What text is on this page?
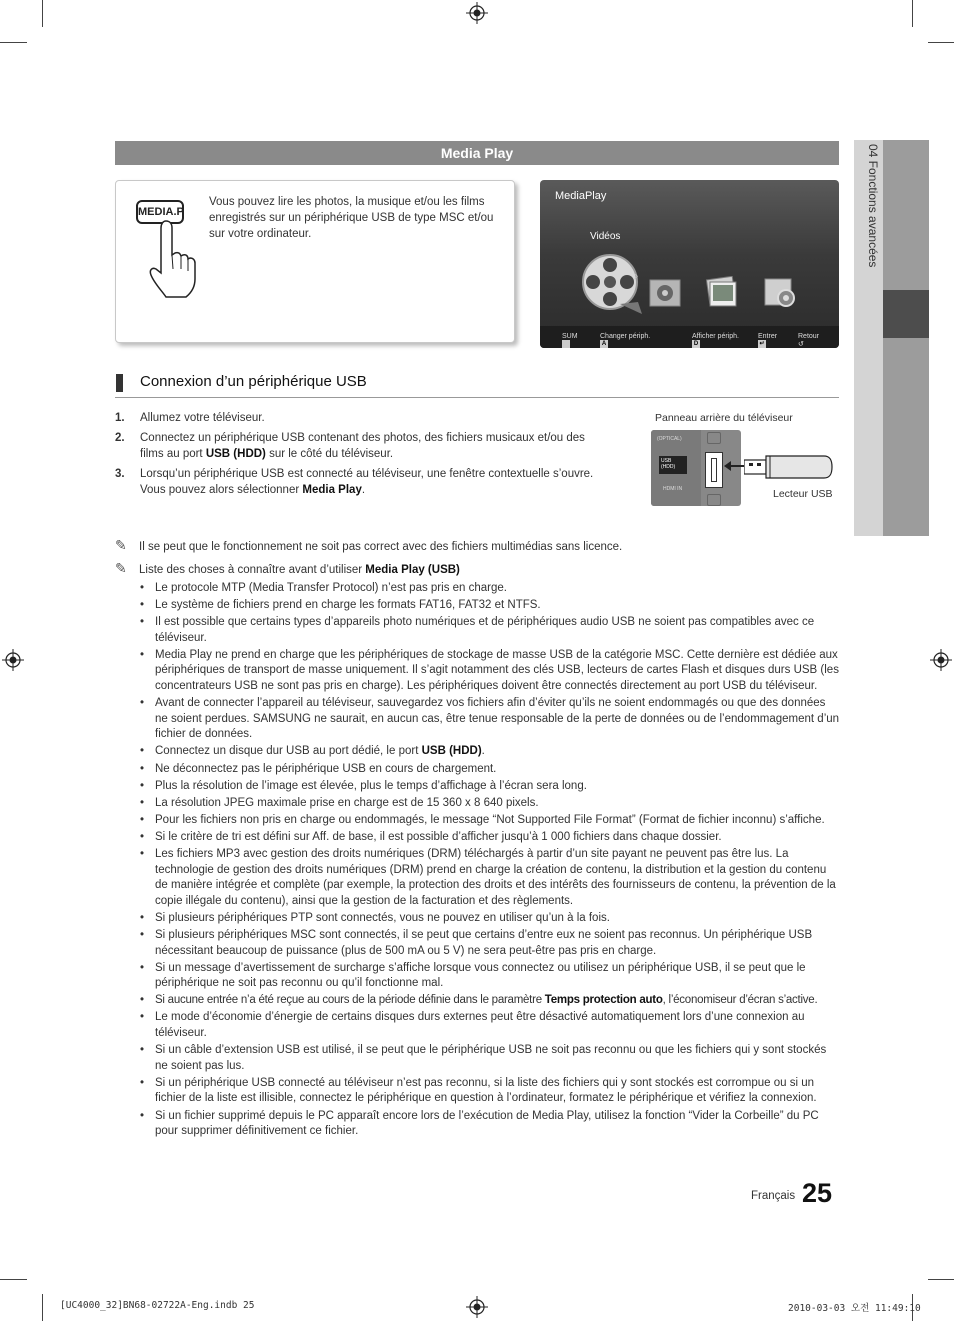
04 Fonctions avancées
Media Play
MEDIA.P
Vous pouvez lire les photos, la musique et/ou les films enregistrés sur un périphérique USB de type MSC et/ou sur votre ordinateur.
MediaPlay
Vidéos
›
SUM
A
Changer périph.
D
Afficher périph.
↵
Entrer
↺
Retour
Connexion d’un périphérique USB
1. Allumez votre téléviseur.
2. Connectez un périphérique USB contenant des photos, des fichiers musicaux et/ou des films au port USB (HDD) sur le côté du téléviseur.
3. Lorsqu’un périphérique USB est connecté au téléviseur, une fenêtre contextuelle s’ouvre. Vous pouvez alors sélectionner Media Play.
Panneau arrière du téléviseur
Lecteur USB
(OPTICAL)
USB
(HDD)
HDMI IN
✎ Il se peut que le fonctionnement ne soit pas correct avec des fichiers multimédias sans licence.
✎ Liste des choses à connaître avant d’utiliser Media Play (USB)
• Le protocole MTP (Media Transfer Protocol) n’est pas pris en charge.
• Le système de fichiers prend en charge les formats FAT16, FAT32 et NTFS.
• Il est possible que certains types d’appareils photo numériques et de périphériques audio USB ne soient pas compatibles avec ce téléviseur.
• Media Play ne prend en charge que les périphériques de stockage de masse USB de la catégorie MSC. Cette dernière est dédiée aux périphériques de transport de masse uniquement. Il s’agit notamment des clés USB, lecteurs de cartes Flash et disques durs USB (les concentrateurs USB ne sont pas pris en charge). Les périphériques doivent être connectés directement au port USB du téléviseur.
• Avant de connecter l’appareil au téléviseur, sauvegardez vos fichiers afin d’éviter qu’ils ne soient endommagés ou que des données ne soient perdues. SAMSUNG ne saurait, en aucun cas, être tenue responsable de la perte de données ou de l’endommagement d’un fichier de données.
• Connectez un disque dur USB au port dédié, le port USB (HDD).
• Ne déconnectez pas le périphérique USB en cours de chargement.
• Plus la résolution de l’image est élevée, plus le temps d’affichage à l’écran sera long.
• La résolution JPEG maximale prise en charge est de 15 360 x 8 640 pixels.
• Pour les fichiers non pris en charge ou endommagés, le message “Not Supported File Format” (Format de fichier inconnu) s’affiche.
• Si le critère de tri est défini sur Aff. de base, il est possible d’afficher jusqu’à 1 000 fichiers dans chaque dossier.
• Les fichiers MP3 avec gestion des droits numériques (DRM) téléchargés à partir d’un site payant ne peuvent pas être lus. La technologie de gestion des droits numériques (DRM) prend en charge la création de contenu, la distribution et la gestion du contenu de manière intégrée et complète (par exemple, la protection des droits et des intérêts des fournisseurs de contenu, la prévention de la copie illégale du contenu), ainsi que la gestion de la facturation et des règlements.
• Si plusieurs périphériques PTP sont connectés, vous ne pouvez en utiliser qu’un à la fois.
• Si plusieurs périphériques MSC sont connectés, il se peut que certains d’entre eux ne soient pas reconnus. Un périphérique USB nécessitant beaucoup de puissance (plus de 500 mA ou 5 V) ne sera peut-être pas pris en charge.
• Si un message d’avertissement de surcharge s’affiche lorsque vous connectez ou utilisez un périphérique USB, il se peut que le périphérique ne soit pas reconnu ou qu’il fonctionne mal.
• Si aucune entrée n’a été reçue au cours de la période définie dans le paramètre Temps protection auto, l’économiseur d’écran s’active.
• Le mode d’économie d’énergie de certains disques durs externes peut être désactivé automatiquement lors d’une connexion au téléviseur.
• Si un câble d’extension USB est utilisé, il se peut que le périphérique USB ne soit pas reconnu ou que les fichiers qui y sont stockés ne soient pas lus.
• Si un périphérique USB connecté au téléviseur n’est pas reconnu, si la liste des fichiers qui y sont stockés est corrompue ou si un fichier de la liste est illisible, connectez le périphérique en question à l’ordinateur, formatez le périphérique et vérifiez la connexion.
• Si un fichier supprimé depuis le PC apparaît encore lors de l’exécution de Media Play, utilisez la fonction “Vider la Corbeille” du PC pour supprimer définitivement ce fichier.
Français 25
[UC4000_32]BN68-02722A-Eng.indb 25	2010-03-03 오전 11:49:10
